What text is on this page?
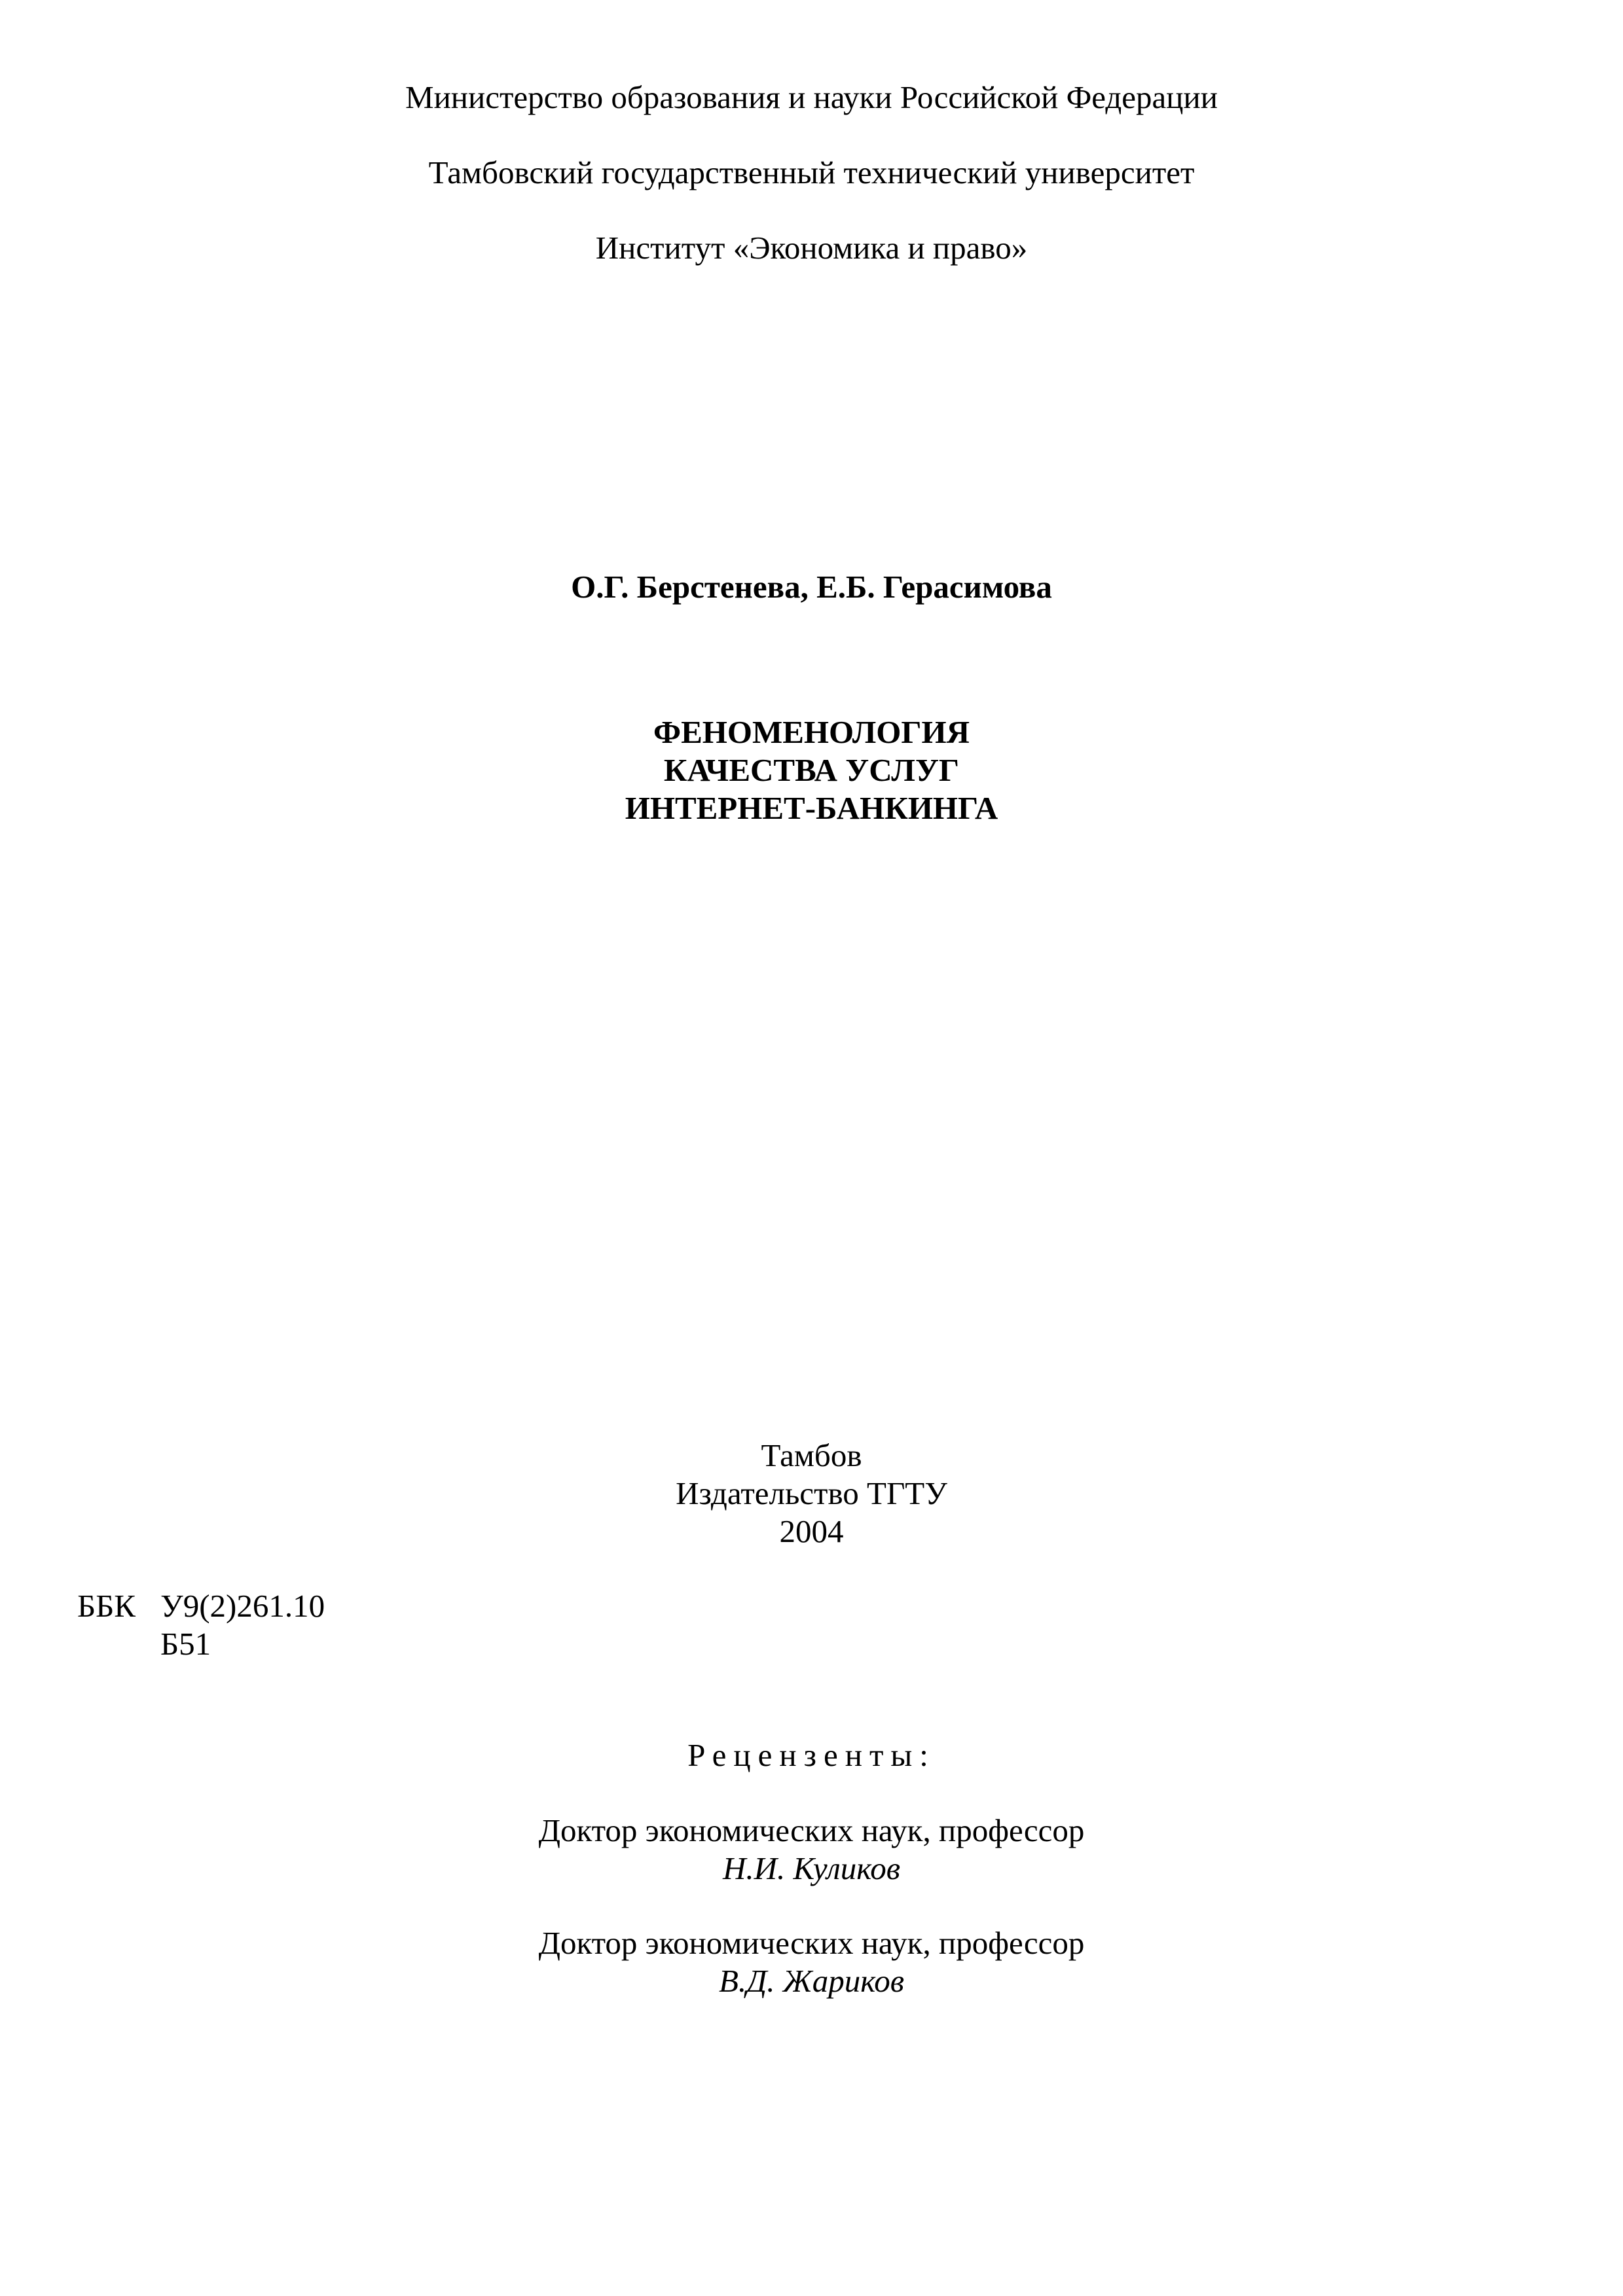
Министерство образования и науки Российской Федерации
Тамбовский государственный технический университет
Институт «Экономика и право»
О.Г. Берстенева, Е.Б. Герасимова
ФЕНОМЕНОЛОГИЯ
КАЧЕСТВА УСЛУГ
ИНТЕРНЕТ-БАНКИНГА
Тамбов
Издательство ТГТУ
2004
ББК У9(2)261.10
Б51
Рецензенты:
Доктор экономических наук, профессор
Н.И. Куликов
Доктор экономических наук, профессор
В.Д. Жариков
